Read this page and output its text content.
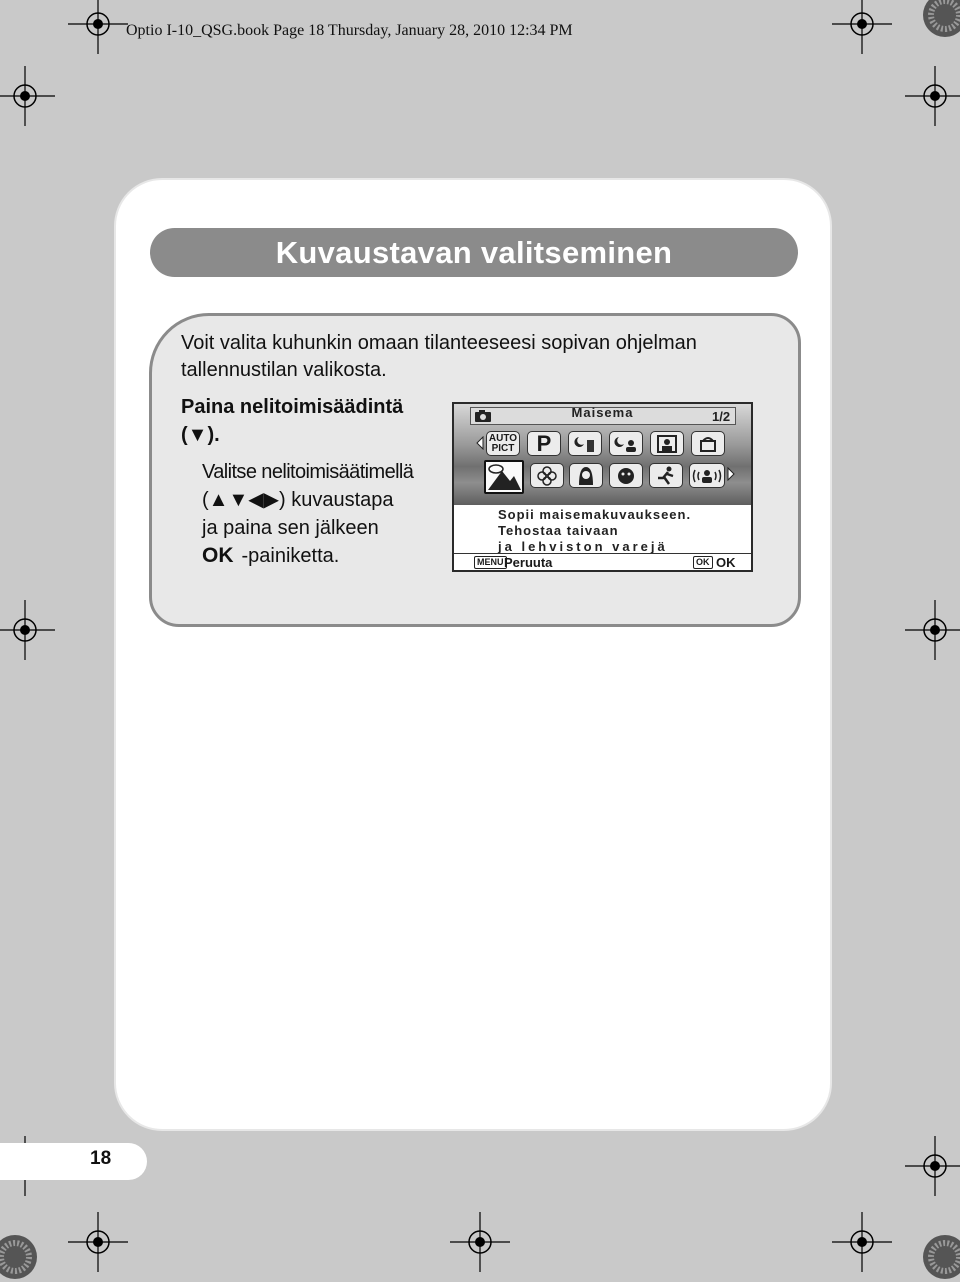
Optio I-10_QSG.book Page 18 Thursday, January 28, 2010 12:34 PM
Kuvaustavan valitseminen
Voit valita kuhunkin omaan tilanteeseesi sopivan ohjelman tallennustilan valikosta.
Paina nelitoimisäädintä
(▼).
Valitse nelitoimisäätimellä
(▲▼◀▶) kuvaustapa
ja paina sen jälkeen
OK -painiketta.
Maisema	1/2
AUTO
PICT	P
Sopii maisemakuvaukseen.
Tehostaa taivaan
ja lehviston varejä
MENU Peruuta	OK OK
18
